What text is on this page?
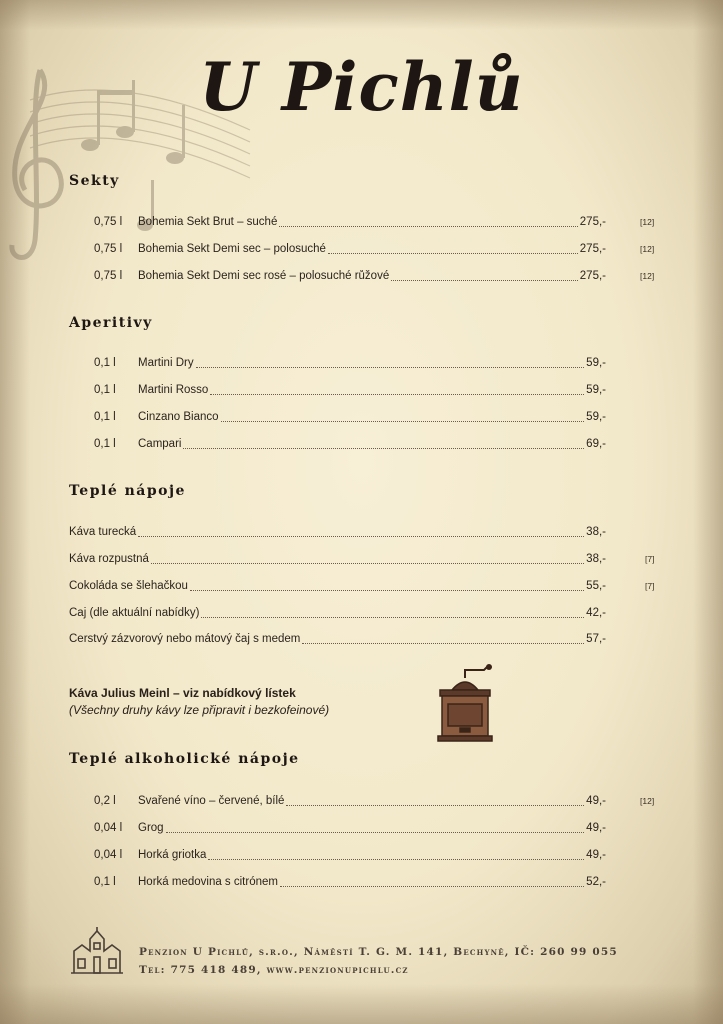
U Pichlů
Sekty
0,75 l Bohemia Sekt Brut – suché	275,-	[12]
0,75 l Bohemia Sekt Demi sec – polosuché	275,-	[12]
0,75 l Bohemia Sekt Demi sec rosé – polosuché růžové	275,-	[12]
Aperitivy
0,1 l Martini Dry	59,-
0,1 l Martini Rosso	59,-
0,1 l Cinzano Bianco	59,-
0,1 l Campari	69,-
Teplé nápoje
Káva turecká	38,-
Káva rozpustná	38,-	[7]
Čokoláda se šlehačkou	55,-	[7]
Čaj (dle aktuální nabídky)	42,-
Čerstvý zázvorový nebo mátový čaj s medem	57,-
Káva Julius Meinl – viz nabídkový lístek
(Všechny druhy kávy lze připravit i bezkofeinové)
Teplé alkoholické nápoje
0,2 l Svařené víno – červené, bílé	49,-	[12]
0,04 l Grog	49,-
0,04 l Horká griotka	49,-
0,1 l Horká medovina s citrónem	52,-
Penzion U Pichlů, s.r.o., Náměstí T. G. M. 141, Bechyně, IČ: 260 99 055
Tel: 775 418 489, www.penzionupichlu.cz
